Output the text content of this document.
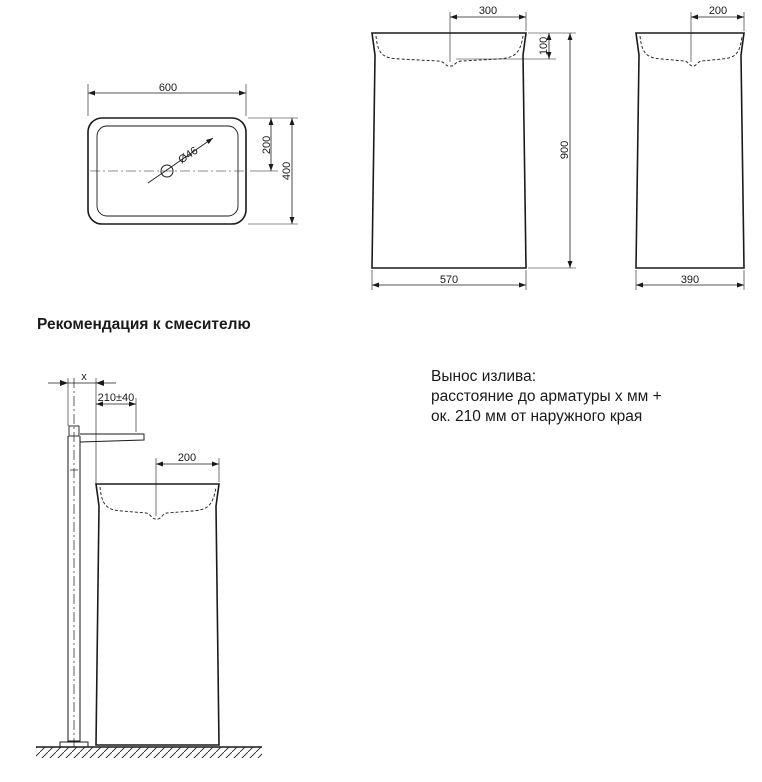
Ø46
600
200
400
300
100
900
570
200
390
x
210±40
200
Рекомендация к смесителю
Вынос излива:
расстояние до арматуры x мм +
ок. 210 мм от наружного края
